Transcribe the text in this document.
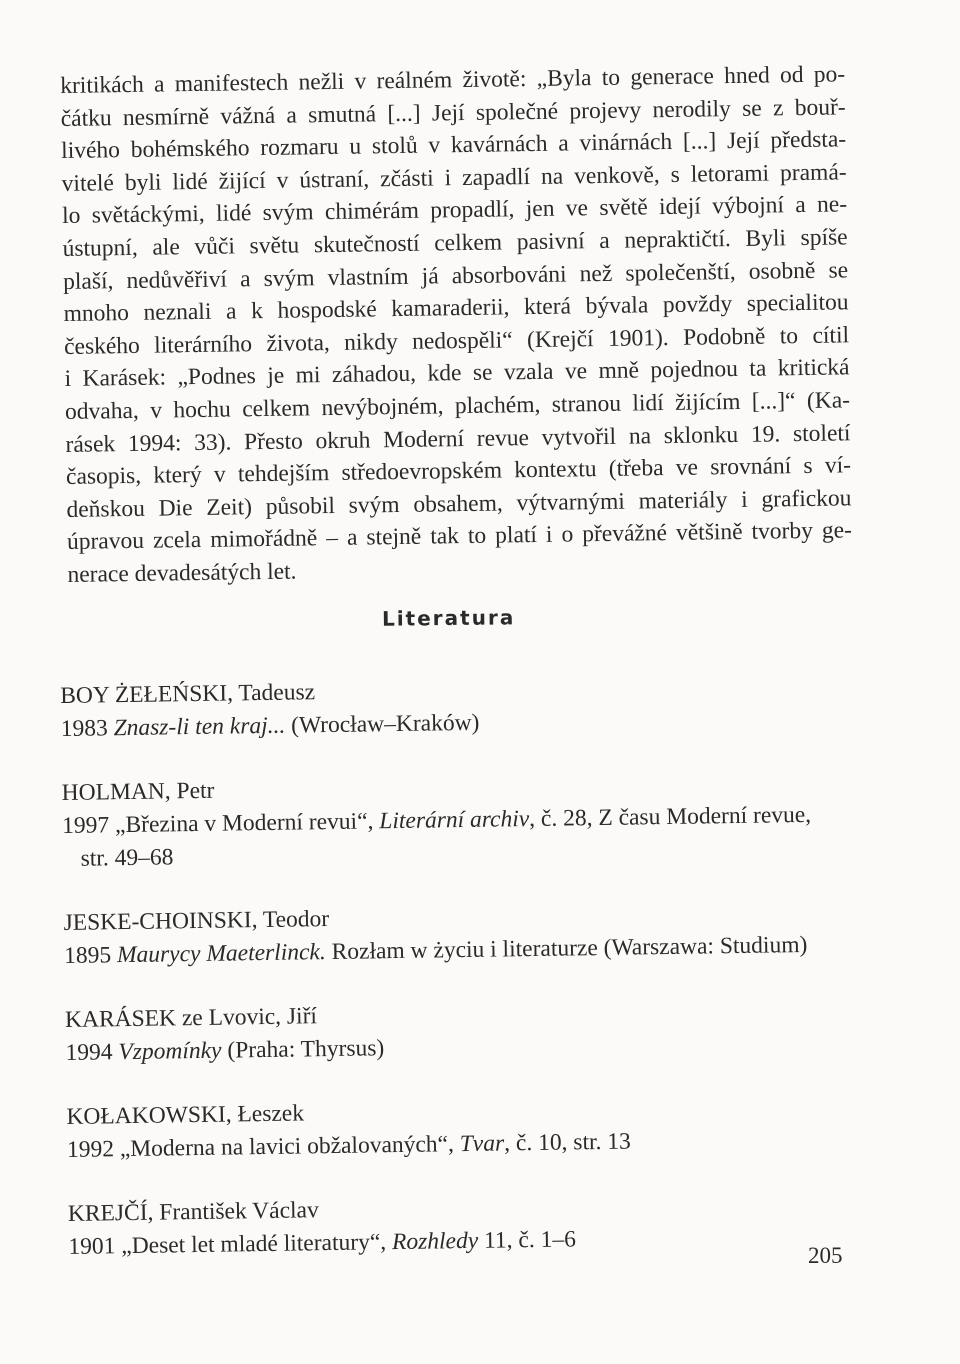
kritikách a manifestech nežli v reálném životě: „Byla to generace hned od po-
čátku nesmírně vážná a smutná [...] Její společné projevy nerodily se z bouř-
livého bohémského rozmaru u stolů v kavárnách a vinárnách [...] Její předsta-
vitelé byli lidé žijící v ústraní, zčásti i zapadlí na venkově, s letorami pramá-
lo světáckými, lidé svým chimérám propadlí, jen ve světě idejí výbojní a ne-
ústupní, ale vůči světu skutečností celkem pasivní a nepraktičtí. Byli spíše
plaší, nedůvěřiví a svým vlastním já absorbováni než společenští, osobně se
mnoho neznali a k hospodské kamaraderii, která bývala povždy specialitou
českého literárního života, nikdy nedospěli“ (Krejčí 1901). Podobně to cítil
i Karásek: „Podnes je mi záhadou, kde se vzala ve mně pojednou ta kritická
odvaha, v hochu celkem nevýbojném, plachém, stranou lidí žijícím [...]“ (Ka-
rásek 1994: 33). Přesto okruh Moderní revue vytvořil na sklonku 19. století
časopis, který v tehdejším středoevropském kontextu (třeba ve srovnání s ví-
deňskou Die Zeit) působil svým obsahem, výtvarnými materiály i grafickou
úpravou zcela mimořádně – a stejně tak to platí i o převážné většině tvorby ge-
nerace devadesátých let.
Literatura
BOY ŻEŁEŃSKI, Tadeusz
1983 Znasz-li ten kraj... (Wrocław–Kraków)
HOLMAN, Petr
1997 „Březina v Moderní revui“, Literární archiv, č. 28, Z času Moderní revue,
str. 49–68
JESKE-CHOINSKI, Teodor
1895 Maurycy Maeterlinck. Rozłam w życiu i literaturze (Warszawa: Studium)
KARÁSEK ze Lvovic, Jiří
1994 Vzpomínky (Praha: Thyrsus)
KOŁAKOWSKI, Łeszek
1992 „Moderna na lavici obžalovaných“, Tvar, č. 10, str. 13
KREJČÍ, František Václav
1901 „Deset let mladé literatury“, Rozhledy 11, č. 1–6
205
